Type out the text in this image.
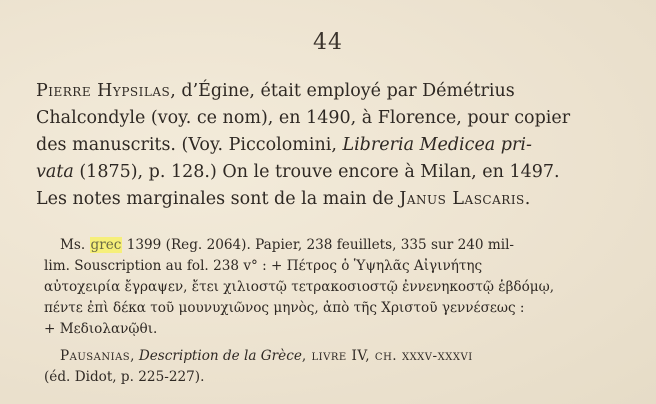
44
Pierre Hypsilas, d’Égine, était employé par Démétrius
Chalcondyle (voy. ce nom), en 1490, à Florence, pour copier
des manuscrits. (Voy. Piccolomini, Libreria Medicea pri-
vata (1875), p. 128.) On le trouve encore à Milan, en 1497.
Les notes marginales sont de la main de Janus Lascaris.
Ms. grec 1399 (Reg. 2064). Papier, 238 feuillets, 335 sur 240 mil-
lim. Souscription au fol. 238 v° : + Πέτρος ὁ Ὑψηλᾶς Αἰγινήτης
αὐτοχειρία ἔγραψεν, ἔτει χιλιοστῷ τετρακοσιοστῷ ἐννενηκοστῷ ἑβδόμῳ,
πέντε ἐπὶ δέκα τοῦ μουνυχιῶνος μηνὸς, ἀπὸ τῆς Χριστοῦ γεννέσεως :
+ Μεδιολανῷθι.
Pausanias, Description de la Grèce, livre IV, ch. xxxv-xxxvi
(éd. Didot, p. 225-227).
